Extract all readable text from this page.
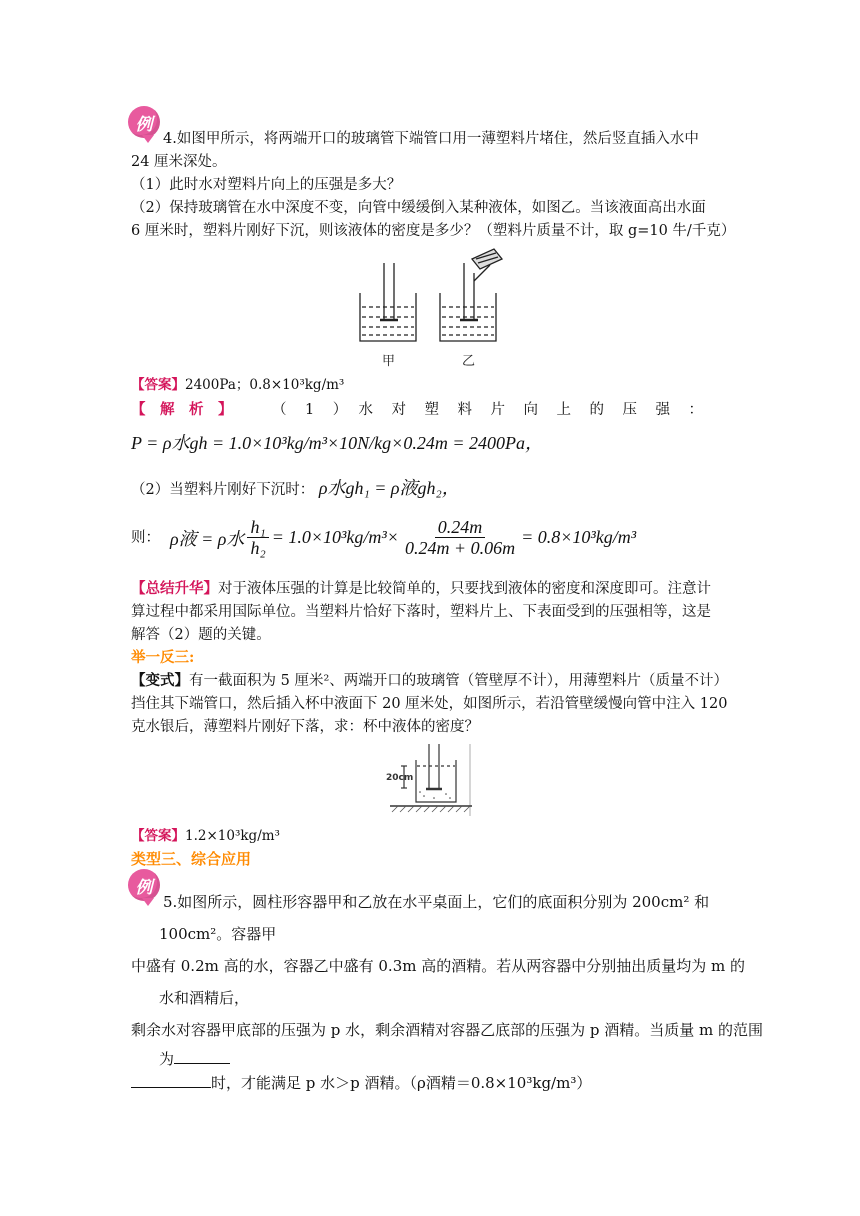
例
4.如图甲所示，将两端开口的玻璃管下端管口用一薄塑料片堵住，然后竖直插入水中
24 厘米深处。
（1）此时水对塑料片向上的压强是多大？
（2）保持玻璃管在水中深度不变，向管中缓缓倒入某种液体，如图乙。当该液面高出水面
6 厘米时，塑料片刚好下沉，则该液体的密度是多少？（塑料片质量不计，取 g=10 牛/千克）
甲	乙
【答案】2400Pa；0.8×10³kg/m³
【　解　析　】	（　1　）　水　对　塑　料　片　向　上　的　压　强　：
P = ρ水gh = 1.0×10³kg/m³×10N/kg×0.24m = 2400Pa，
（2）当塑料片刚好下沉时： ρ水gh₁ = ρ液gh₂，
则： ρ液 = ρ水 $\frac{\text{h₁}}{\text{h₂}} = 1.0\times 10^3kg/m^3\times \frac{0.24m}{0.24m + 0.06m} = 0.8\times 10^3kg/m^3$
【总结升华】对于液体压强的计算是比较简单的，只要找到液体的密度和深度即可。注意计
算过程中都采用国际单位。当塑料片恰好下落时，塑料片上、下表面受到的压强相等，这是
解答（2）题的关键。
举一反三:
【变式】有一截面积为 5 厘米²、两端开口的玻璃管（管壁厚不计），用薄塑料片（质量不计）
挡住其下端管口，然后插入杯中液面下 20 厘米处，如图所示，若沿管壁缓慢向管中注入 120
克水银后，薄塑料片刚好下落，求：杯中液体的密度？
20cm
【答案】1.2×10³kg/m³
类型三、综合应用
例
5.如图所示，圆柱形容器甲和乙放在水平桌面上，它们的底面积分别为 200cm² 和
100cm²。容器甲
中盛有 0.2m 高的水，容器乙中盛有 0.3m 高的酒精。若从两容器中分别抽出质量均为 m 的
水和酒精后，
剩余水对容器甲底部的压强为 p 水，剩余酒精对容器乙底部的压强为 p 酒精。当质量 m 的范围
为
时，才能满足 p 水＞p 酒精。（ρ酒精＝0.8×10³kg/m³）
